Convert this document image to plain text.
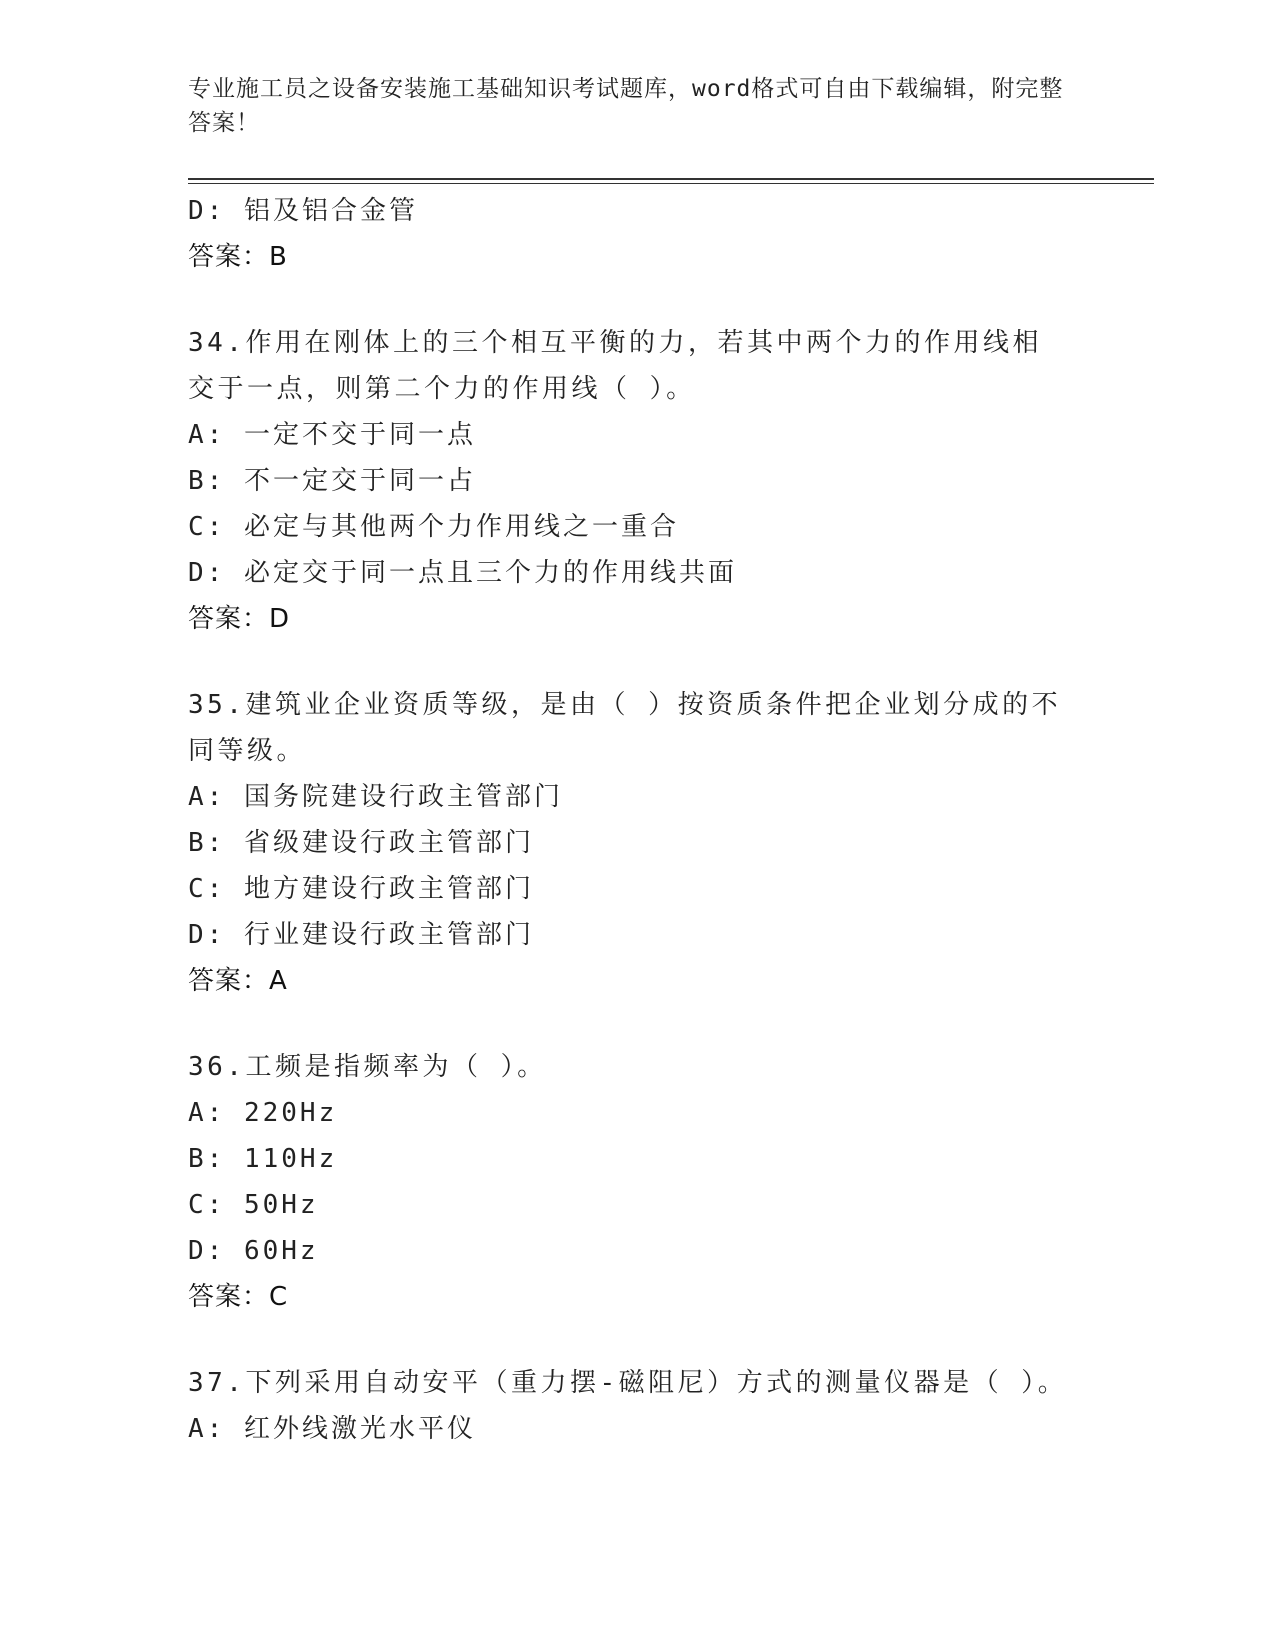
专业施工员之设备安装施工基础知识考试题库，word格式可自由下载编辑，附完整答案！
D: 铝及铝合金管
答案：B
34.作用在刚体上的三个相互平衡的力，若其中两个力的作用线相交于一点，则第二个力的作用线（ ）。
A: 一定不交于同一点
B: 不一定交于同一占
C: 必定与其他两个力作用线之一重合
D: 必定交于同一点且三个力的作用线共面
答案：D
35.建筑业企业资质等级，是由（ ）按资质条件把企业划分成的不同等级。
A: 国务院建设行政主管部门
B: 省级建设行政主管部门
C: 地方建设行政主管部门
D: 行业建设行政主管部门
答案：A
36.工频是指频率为（ ）。
A: 220Hz
B: 110Hz
C: 50Hz
D: 60Hz
答案：C
37.下列采用自动安平（重力摆-磁阻尼）方式的测量仪器是（ ）。
A: 红外线激光水平仪
